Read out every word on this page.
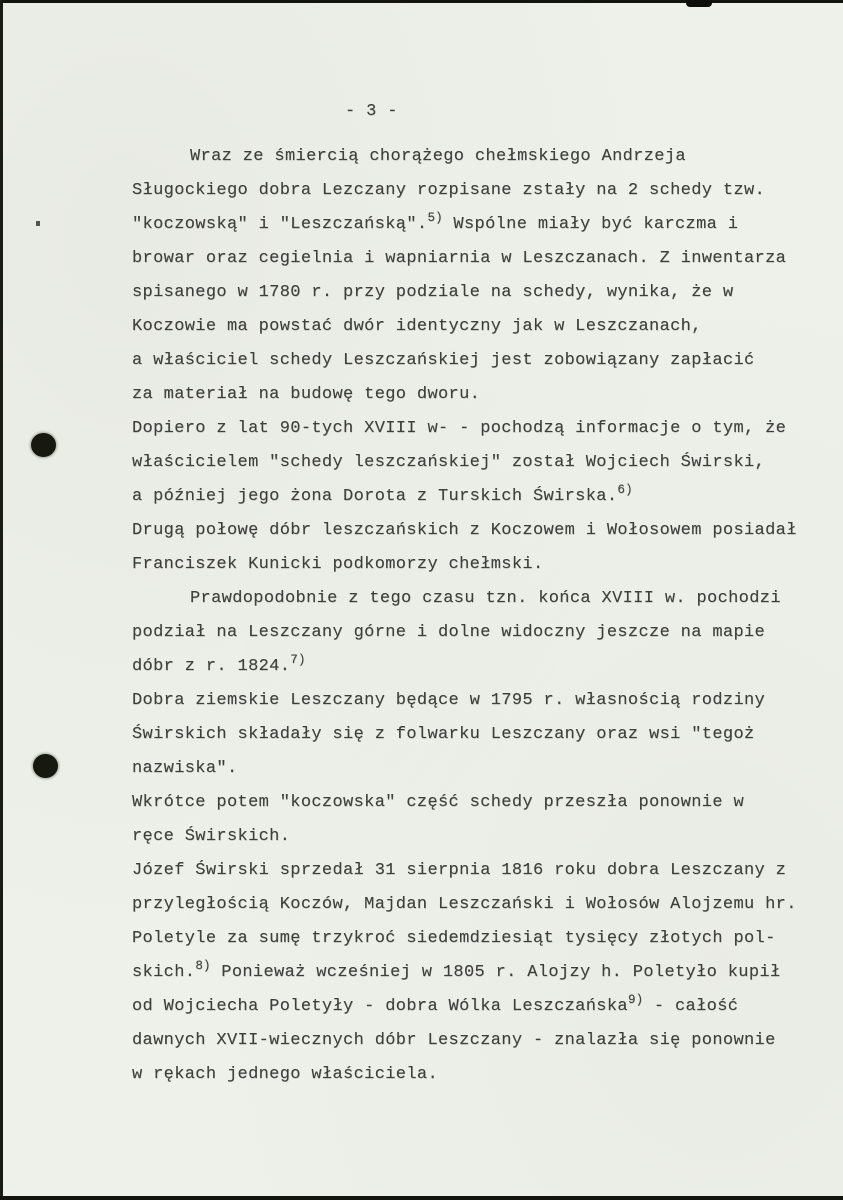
- 3 -
Wraz ze śmiercią chorążego chełmskiego Andrzeja
Sługockiego dobra Lezczany rozpisane zstały na 2 schedy tzw.
"koczowską" i "Leszczańską".$^{5)}$ Wspólne miały być karczma i
browar oraz cegielnia i wapniarnia w Leszczanach. Z inwentarza
spisanego w 1780 r. przy podziale na schedy, wynika, że w
Koczowie ma powstać dwór identyczny jak w Leszczanach,
a właściciel schedy Leszczańskiej jest zobowiązany zapłacić
za materiał na budowę tego dworu.
Dopiero z lat 90-tych XVIII w- - pochodzą informacje o tym, że
właścicielem "schedy leszczańskiej" został Wojciech Świrski,
a później jego żona Dorota z Turskich Świrska.$^{6)}$
Drugą połowę dóbr leszczańskich z Koczowem i Wołosowem posiadał
Franciszek Kunicki podkomorzy chełmski.
Prawdopodobnie z tego czasu tzn. końca XVIII w. pochodzi
podział na Leszczany górne i dolne widoczny jeszcze na mapie
dóbr z r. 1824.$^{7)}$
Dobra ziemskie Leszczany będące w 1795 r. własnością rodziny
Świrskich składały się z folwarku Leszczany oraz wsi "tegoż
nazwiska".
Wkrótce potem "koczowska" część schedy przeszła ponownie w
ręce Świrskich.
Józef Świrski sprzedał 31 sierpnia 1816 roku dobra Leszczany z
przyległością Koczów, Majdan Leszczański i Wołosów Alojzemu hr.
Poletyle za sumę trzykroć siedemdziesiąt tysięcy złotych pol-
skich.$^{8)}$ Ponieważ wcześniej w 1805 r. Alojzy h. Poletyło kupił
od Wojciecha Poletyły - dobra Wólka Leszczańska$^{9)}$ - całość
dawnych XVII-wiecznych dóbr Leszczany - znalazła się ponownie
w rękach jednego właściciela.
